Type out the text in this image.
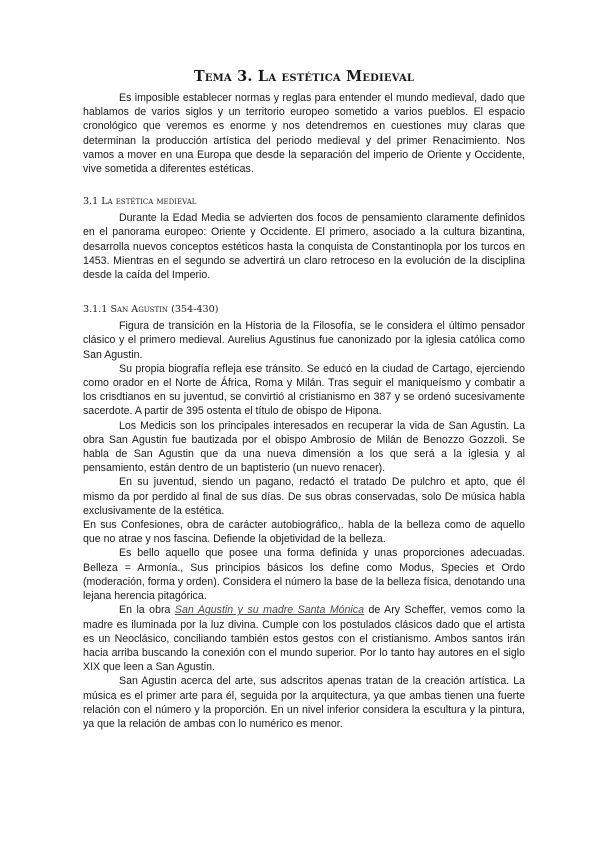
Tema 3. La estética Medieval

Es imposible establecer normas y reglas para entender el mundo medieval, dado que hablamos de varios siglos y un territorio europeo sometido a varios pueblos. El espacio cronológico que veremos es enorme y nos detendremos en cuestiones muy claras que determinan la producción artística del periodo medieval y del primer Renacimiento. Nos vamos a mover en una Europa que desde la separación del imperio de Oriente y Occidente, vive sometida a diferentes estéticas.

3.1 La estética medieval

Durante la Edad Media se advierten dos focos de pensamiento claramente definidos en el panorama europeo: Oriente y Occidente. El primero, asociado a la cultura bizantina, desarrolla nuevos conceptos estéticos hasta la conquista de Constantinopla por los turcos en 1453. Mientras en el segundo se advertirá un claro retroceso en la evolución de la disciplina desde la caída del Imperio.

3.1.1 San Agustin (354-430)

Figura de transición en la Historia de la Filosofía, se le considera el último pensador clásico y el primero medieval. Aurelius Agustinus fue canonizado por la iglesia católica como San Agustin.

Su propia biografía refleja ese tránsito. Se educó en la ciudad de Cartago, ejerciendo como orador en el Norte de África, Roma y Milán. Tras seguir el maniqueísmo y combatir a los crisdtianos en su juventud, se convirtió al cristianismo en 387 y se ordenó sucesivamente sacerdote. A partir de 395 ostenta el título de obispo de Hipona.

Los Medicis son los principales interesados en recuperar la vida de San Agustin. La obra San Agustin fue bautizada por el obispo Ambrosio de Milán de Benozzo Gozzoli. Se habla de San Agustin que da una nueva dimensión a los que será a la iglesia y al pensamiento, están dentro de un baptisterio (un nuevo renacer).

En su juventud, siendo un pagano, redactó el tratado De pulchro et apto, que él mismo da por perdido al final de sus días. De sus obras conservadas, solo De música habla exclusivamente de la estética.

En sus Confesiones, obra de carácter autobiográfico,. habla de la belleza como de aquello que no atrae y nos fascina. Defiende la objetividad de la belleza.

Es bello aquello que posee una forma definida y unas proporciones adecuadas. Belleza = Armonía., Sus principios básicos los define como Modus, Species et Ordo (moderación, forma y orden). Considera el número la base de la belleza física, denotando una lejana herencia pitagórica.

En la obra San Agustin y su madre Santa Mónica de Ary Scheffer, vemos como la madre es iluminada por la luz divina. Cumple con los postulados clásicos dado que el artista es un Neoclásico, conciliando también estos gestos con el cristianismo. Ambos santos irán hacia arriba buscando la conexión con el mundo superior. Por lo tanto hay autores en el siglo XIX que leen a San Agustin.

San Agustin acerca del arte, sus adscritos apenas tratan de la creación artística. La música es el primer arte para él, seguida por la arquitectura, ya que ambas tienen una fuerte relación con el número y la proporción. En un nivel inferior considera la escultura y la pintura, ya que la relación de ambas con lo numérico es menor.
